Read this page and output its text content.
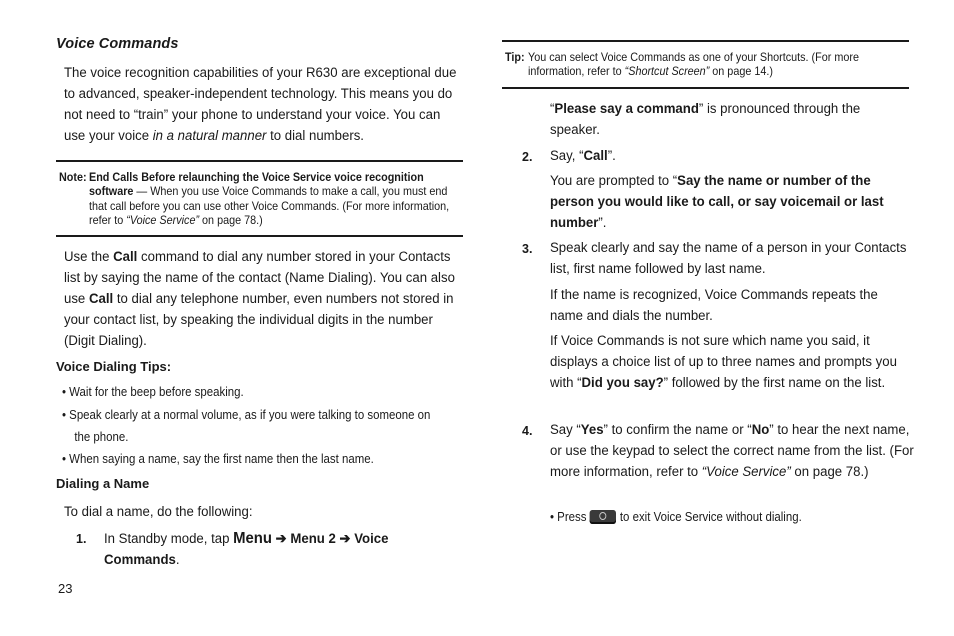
Voice Commands

The voice recognition capabilities of your R630 are exceptional due to advanced, speaker-independent technology. This means you do not need to “train” your phone to understand your voice. You can use your voice in a natural manner to dial numbers.

Note: End Calls Before relaunching the Voice Service voice recognition software — When you use Voice Commands to make a call, you must end that call before you can use other Voice Commands. (For more information, refer to “Voice Service” on page 78.)

Use the Call command to dial any number stored in your Contacts list by saying the name of the contact (Name Dialing). You can also use Call to dial any telephone number, even numbers not stored in your contact list, by speaking the individual digits in the number (Digit Dialing).

Voice Dialing Tips:
• Wait for the beep before speaking.
• Speak clearly at a normal volume, as if you were talking to someone on the phone.
• When saying a name, say the first name then the last name.
Dialing a Name

To dial a name, do the following:

1. In Standby mode, tap Menu ➔ Menu 2 ➔ Voice Commands.

23
Tip: You can select Voice Commands as one of your Shortcuts. (For more information, refer to “Shortcut Screen” on page 14.)

“Please say a command” is pronounced through the speaker.

2. Say, “Call”.

You are prompted to “Say the name or number of the person you would like to call, or say voicemail or last number”.

3. Speak clearly and say the name of a person in your Contacts list, first name followed by last name.

If the name is recognized, Voice Commands repeats the name and dials the number.

If Voice Commands is not sure which name you said, it displays a choice list of up to three names and prompts you with “Did you say?” followed by the first name on the list.

4. Say “Yes” to confirm the name or “No” to hear the next name, or use the keypad to select the correct name from the list. (For more information, refer to “Voice Service” on page 78.)

• Press	to exit Voice Service without dialing.
